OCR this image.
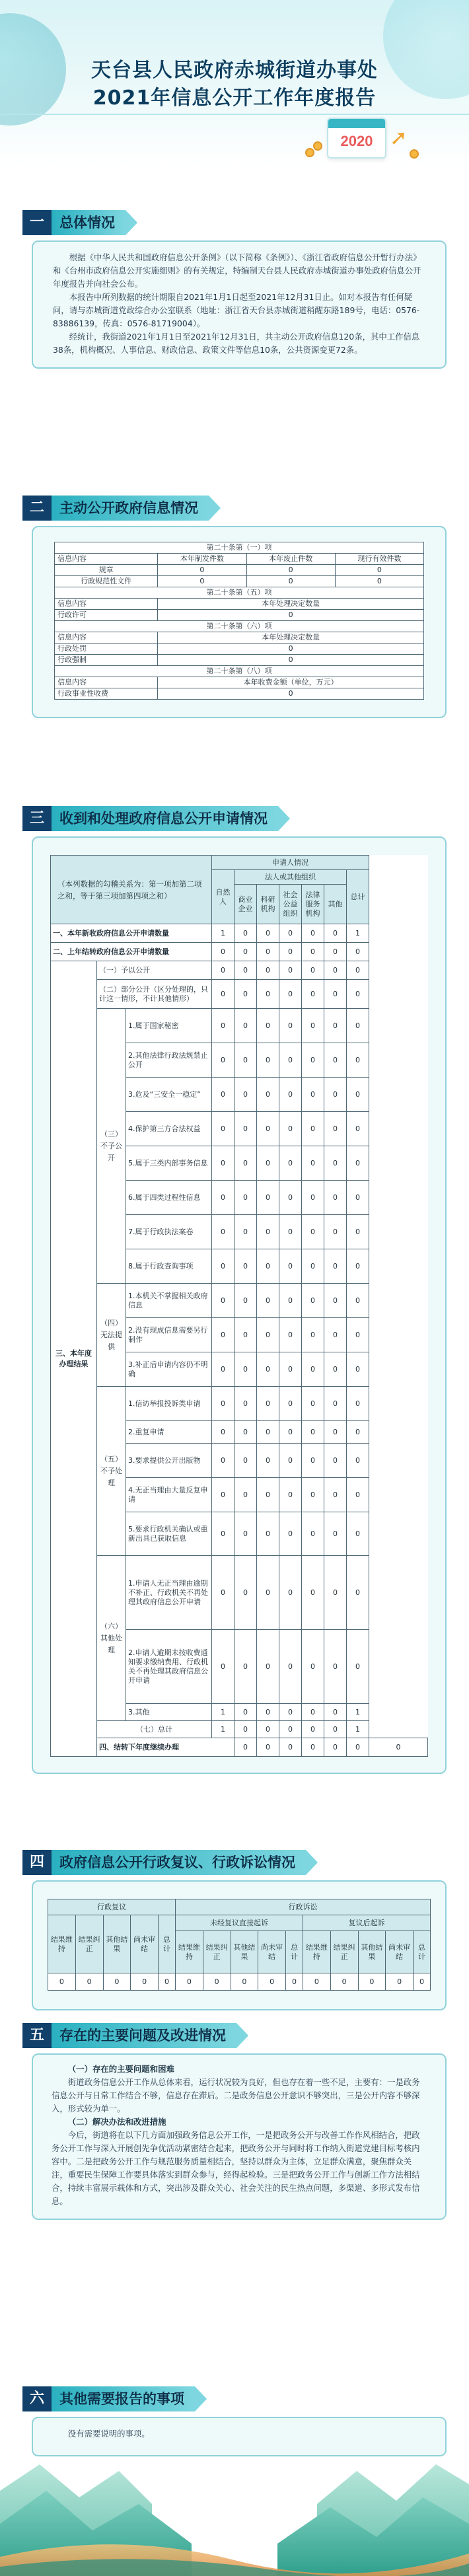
天台县人民政府赤城街道办事处
2021年信息公开工作年度报告
2020 ➚
一	总体情况

根据《中华人民共和国政府信息公开条例》（以下简称《条例》）、《浙江省政府信息公开暂行办法》和《台州市政府信息公开实施细则》的有关规定，特编制天台县人民政府赤城街道办事处政府信息公开年度报告并向社会公布。

本报告中所列数据的统计期限自2021年1月1日起至2021年12月31日止。如对本报告有任何疑问，请与赤城街道党政综合办公室联系（地址：浙江省天台县赤城街道稍醒东路189号，电话：0576-83886139，传真：0576-81719004）。

经统计，我街道2021年1月1日至2021年12月31日，共主动公开政府信息120条，其中工作信息38条，机构概况、人事信息、财政信息、政策文件等信息10条，公共资源变更72条。

二	主动公开政府信息情况
第二十条第（一）项			
信息内容	本年制发件数	本年废止件数	现行有效件数
规章	0	0	0
行政规范性文件	0	0	0
第二十条第（五）项			
信息内容	本年处理决定数量		
行政许可	0		
第二十条第（六）项			
信息内容	本年处理决定数量		
行政处罚	0		
行政强制	0		
第二十条第（八）项			
信息内容	本年收费金额（单位，万元）		
行政事业性收费	0		
三	收到和处理政府信息公开申请情况
（本列数据的勾稽关系为：第一项加第二项之和，等于第三项加第四项之和）			申请人情况							
			自然人	法人或其他组织					总计	
				商业企业	科研机构	社会公益组织	法律服务机构	其他		
一、本年新收政府信息公开申请数量			1	0	0	0	0	0	1	
二、上年结转政府信息公开申请数量			0	0	0	0	0	0	0	
三、本年度办理结果	（一）予以公开		0	0	0	0	0	0	0	
	（二）部分公开（区分处理的，只计这一情形，不计其他情形）		0	0	0	0	0	0	0	
	（三）不予公开	1.属于国家秘密	0	0	0	0	0	0	0	
		2.其他法律行政法规禁止公开	0	0	0	0	0	0	0	
		3.危及“三安全一稳定”	0	0	0	0	0	0	0	
		4.保护第三方合法权益	0	0	0	0	0	0	0	
		5.属于三类内部事务信息	0	0	0	0	0	0	0	
		6.属于四类过程性信息	0	0	0	0	0	0	0	
		7.属于行政执法案卷	0	0	0	0	0	0	0	
		8.属于行政查询事项	0	0	0	0	0	0	0	
	（四）无法提供	1.本机关不掌握相关政府信息	0	0	0	0	0	0	0	
		2.没有现成信息需要另行制作	0	0	0	0	0	0	0	
		3.补正后申请内容仍不明确	0	0	0	0	0	0	0	
	（五）不予处理	1.信访举报投诉类申请	0	0	0	0	0	0	0	
		2.重复申请	0	0	0	0	0	0	0	
		3.要求提供公开出版物	0	0	0	0	0	0	0	
		4.无正当理由大量反复申请	0	0	0	0	0	0	0	
		5.要求行政机关确认或重新出具已获取信息	0	0	0	0	0	0	0	
	（六）其他处理	1.申请人无正当理由逾期不补正、行政机关不再处理其政府信息公开申请	0	0	0	0	0	0	0	
		2.申请人逾期未按收费通知要求缴纳费用、行政机关不再处理其政府信息公开申请	0	0	0	0	0	0	0	
		3.其他	1	0	0	0	0	0	1	
	（七）总计		1	0	0	0	0	0	1	
	四、结转下年度继续办理			0	0	0	0	0	0	0
四	政府信息公开行政复议、行政诉讼情况
行政复议					行政诉讼									
结果维持	结果纠正	其他结果	尚未审结	总计	未经复议直接起诉					复议后起诉				
					结果维持	结果纠正	其他结果	尚未审结	总计	结果维持	结果纠正	其他结果	尚未审结	总计
0	0	0	0	0	0	0	0	0	0	0	0	0	0	0
五	存在的主要问题及改进情况

（一）存在的主要问题和困难

街道政务信息公开工作从总体来看，运行状况较为良好，但也存在着一些不足，主要有：一是政务信息公开与日常工作结合不够，信息存在滞后。二是政务信息公开意识不够突出，三是公开内容不够深入，形式较为单一。

（二）解决办法和改进措施

今后，街道将在以下几方面加强政务信息公开工作，一是把政务公开与改善工作作风相结合，把政务公开工作与深入开展创先争优活动紧密结合起来，把政务公开与同时将工作纳入街道党建目标考核内容中。二是把政务公开工作与规范服务质量相结合，坚持以群众为主体，立足群众满意，聚焦群众关注，重要民生保障工作要具体落实到群众参与，经得起检验。三是把政务公开工作与创新工作方法相结合，持续丰富展示载体和方式，突出涉及群众关心、社会关注的民生热点问题，多渠道、多形式发布信息。

六	其他需要报告的事项

没有需要说明的事项。
